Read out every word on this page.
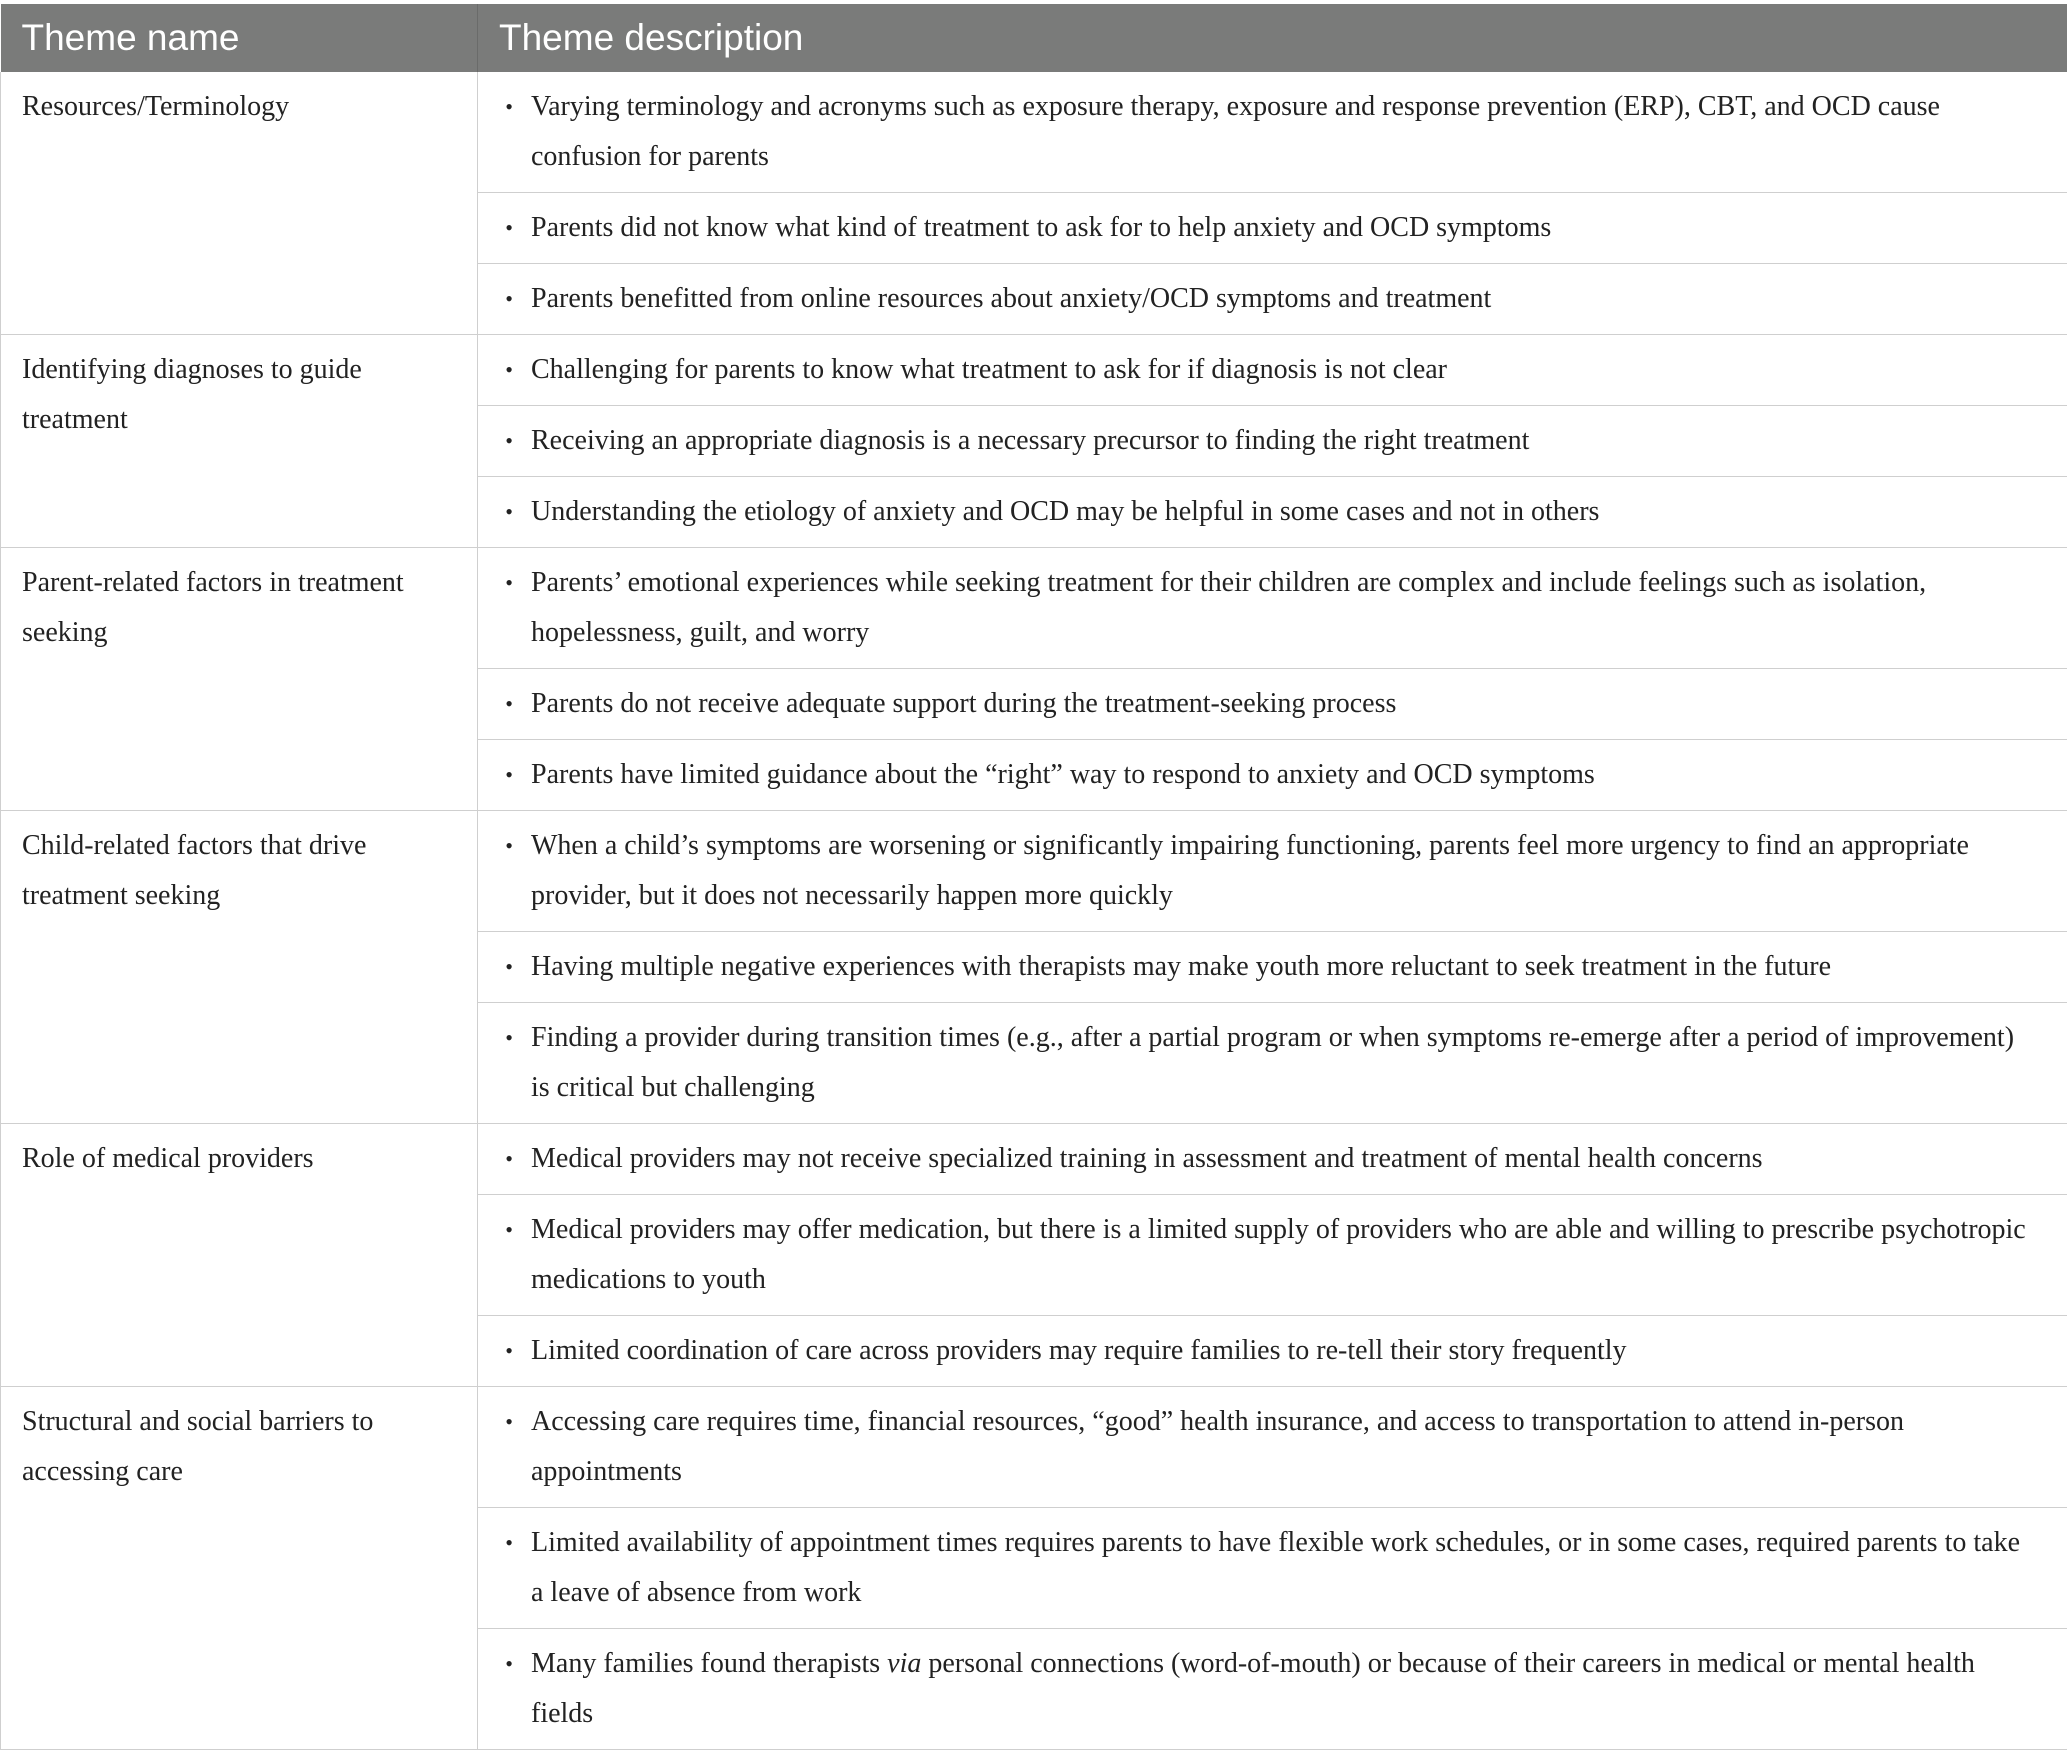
Theme name	Theme description
Resources/Terminology	• Varying terminology and acronyms such as exposure therapy, exposure and response prevention (ERP), CBT, and OCD cause confusion for parents

	• Parents did not know what kind of treatment to ask for to help anxiety and OCD symptoms

	• Parents benefitted from online resources about anxiety/OCD symptoms and treatment

Identifying diagnoses to guide treatment	• Challenging for parents to know what treatment to ask for if diagnosis is not clear

	• Receiving an appropriate diagnosis is a necessary precursor to finding the right treatment

	• Understanding the etiology of anxiety and OCD may be helpful in some cases and not in others

Parent-related factors in treatment seeking	• Parents’ emotional experiences while seeking treatment for their children are complex and include feelings such as isolation, hopelessness, guilt, and worry

	• Parents do not receive adequate support during the treatment-seeking process

	• Parents have limited guidance about the “right” way to respond to anxiety and OCD symptoms

Child-related factors that drive treatment seeking	• When a child’s symptoms are worsening or significantly impairing functioning, parents feel more urgency to find an appropriate provider, but it does not necessarily happen more quickly

	• Having multiple negative experiences with therapists may make youth more reluctant to seek treatment in the future

	• Finding a provider during transition times (e.g., after a partial program or when symptoms re-emerge after a period of improvement) is critical but challenging

Role of medical providers	• Medical providers may not receive specialized training in assessment and treatment of mental health concerns

	• Medical providers may offer medication, but there is a limited supply of providers who are able and willing to prescribe psychotropic medications to youth

	• Limited coordination of care across providers may require families to re-tell their story frequently

Structural and social barriers to accessing care	• Accessing care requires time, financial resources, “good” health insurance, and access to transportation to attend in-person appointments

	• Limited availability of appointment times requires parents to have flexible work schedules, or in some cases, required parents to take a leave of absence from work

	• Many families found therapists via personal connections (word-of-mouth) or because of their careers in medical or mental health fields
